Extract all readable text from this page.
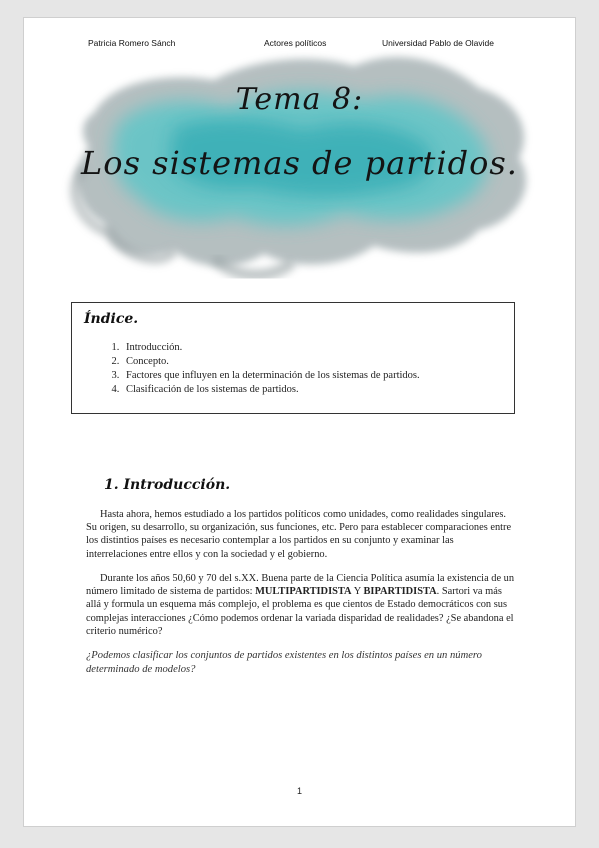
Patricia Romero Sánch	Actores políticos	Universidad Pablo de Olavide
Tema 8:
Los sistemas de partidos.
Índice.
1. Introducción.
2. Concepto.
3. Factores que influyen en la determinación de los sistemas de partidos.
4. Clasificación de los sistemas de partidos.
1. Introducción.

Hasta ahora, hemos estudiado a los partidos políticos como unidades, como realidades singulares. Su origen, su desarrollo, su organización, sus funciones, etc. Pero para establecer comparaciones entre los distintios países es necesario contemplar a los partidos en su conjunto y examinar las interrelaciones entre ellos y con la sociedad y el gobierno.

Durante los años 50,60 y 70 del s.XX. Buena parte de la Ciencia Política asumía la existencia de un número limitado de sistema de partidos: MULTIPARTIDISTA Y BIPARTIDISTA. Sartori va más allá y formula un esquema más complejo, el problema es que cientos de Estado democráticos con sus complejas interacciones ¿Cómo podemos ordenar la variada disparidad de realidades? ¿Se abandona el criterio numérico?

¿Podemos clasificar los conjuntos de partidos existentes en los distintos países en un número determinado de modelos?
1
